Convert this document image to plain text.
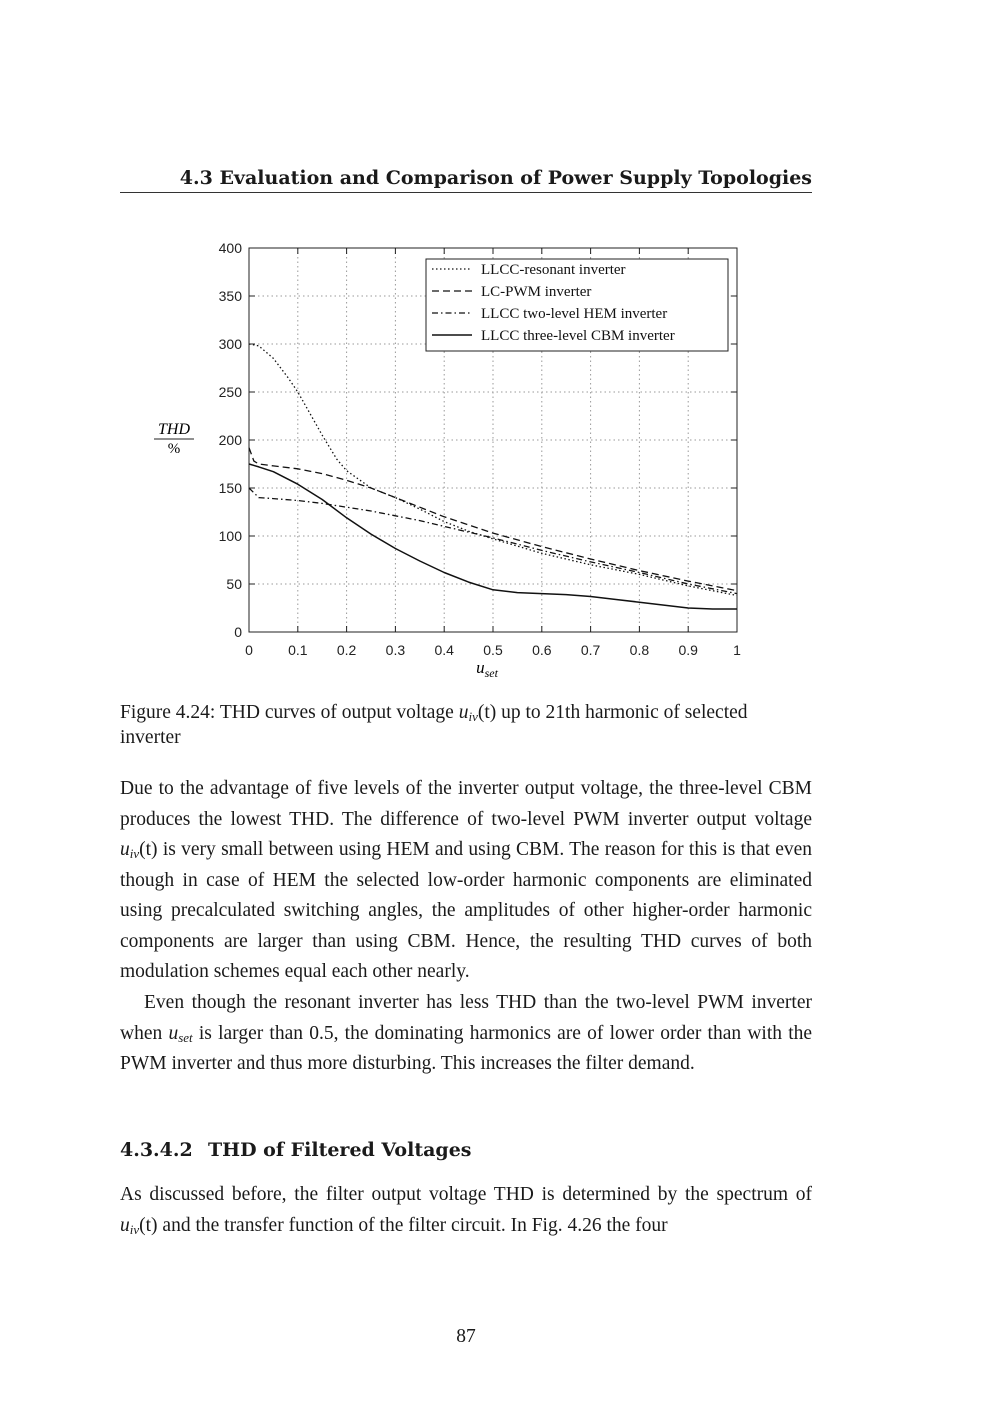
4.3 Evaluation and Comparison of Power Supply Topologies
0	0.1 0.2 0.3 0.4 0.5 0.6 0.7 0.8 0.9	1
0
50
100
150
200
250
300
350
400
LLCC-resonant inverter
LC-PWM inverter
LLCC two-level HEM inverter
LLCC three-level CBM inverter
THD
%
$u_{set}$
Figure 4.24: THD curves of output voltage $u_{iv}(t)$ up to 21th harmonic of selected inverter

Due to the advantage of five levels of the inverter output voltage, the three-level CBM produces the lowest THD. The difference of two-level PWM inverter output voltage $u_{iv}(t)$ is very small between using HEM and using CBM. The reason for this is that even though in case of HEM the selected low-order harmonic components are eliminated using precalculated switching angles, the amplitudes of other higher-order harmonic components are larger than using CBM. Hence, the resulting THD curves of both modulation schemes equal each other nearly.

Even though the resonant inverter has less THD than the two-level PWM inverter when $u_{set}$ is larger than 0.5, the dominating harmonics are of lower order than with the PWM inverter and thus more disturbing. This increases the filter demand.

4.3.4.2 THD of Filtered Voltages

As discussed before, the filter output voltage THD is determined by the spectrum of $u_{iv}(t)$ and the transfer function of the filter circuit. In Fig. 4.26 the four

87
